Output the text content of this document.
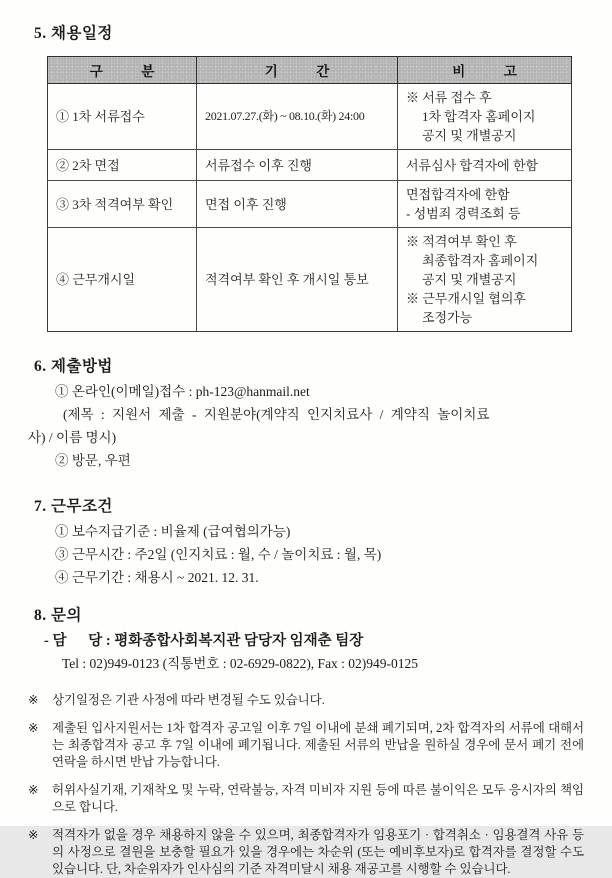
5. 채용일정
구 분	기 간	비 고
① 1차 서류접수	2021.07.27.(화) ~ 08.10.(화) 24:00	※ 서류 접수 후
1차 합격자 홈페이지
공지 및 개별공지

② 2차 면접	서류접수 이후 진행	서류심사 합격자에 한함

③ 3차 적격여부 확인	면접 이후 진행	면접합격자에 한함
- 성범죄 경력조회 등

④ 근무개시일	적격여부 확인 후 개시일 통보	※ 적격여부 확인 후
최종합격자 홈페이지
공지 및 개별공지
※ 근무개시일 협의후
조정가능
6. 제출방법

① 온라인(이메일)접수 : ph-123@hanmail.net

(제목 : 지원서 제출 - 지원분야(계약직 인지치료사 / 계약직 놀이치료

사) / 이름 명시)

② 방문, 우편

7. 근무조건

① 보수지급기준 : 비율제 (급여협의가능)

③ 근무시간 : 주2일 (인지치료 : 월, 수 / 놀이치료 : 월, 목)

④ 근무기간 : 채용시 ~ 2021. 12. 31.

8. 문의

- 담      당 : 평화종합사회복지관 담당자 임재춘 팀장

Tel : 02)949-0123 (직통번호 : 02-6929-0822), Fax : 02)949-0125

※	상기일정은 기관 사정에 따라 변경될 수도 있습니다.
※	제출된 입사지원서는 1차 합격자 공고일 이후 7일 이내에 분쇄 폐기되며, 2차 합격자의 서류에 대해서는 최종합격자 공고 후 7일 이내에 폐기됩니다. 제출된 서류의 반납을 원하실 경우에 문서 폐기 전에 연락을 하시면 반납 가능합니다.
※	허위사실기재, 기재착오 및 누락, 연락불능, 자격 미비자 지원 등에 따른 불이익은 모두 응시자의 책임으로 합니다.
※	적격자가 없을 경우 채용하지 않을 수 있으며, 최종합격자가 임용포기 · 합격취소 · 임용결격 사유 등의 사정으로 결원을 보충할 필요가 있을 경우에는 차순위 (또는 예비후보자)로 합격자를 결정할 수도 있습니다. 단, 차순위자가 인사심의 기준 자격미달시 채용 재공고를 시행할 수 있습니다.
